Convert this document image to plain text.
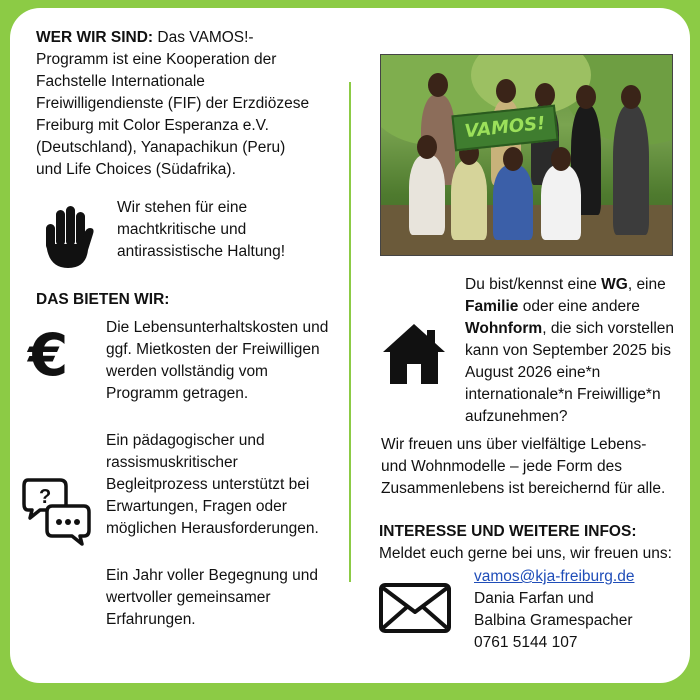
WER WIR SIND: Das VAMOS!-
Programm ist eine Kooperation der
Fachstelle Internationale
Freiwilligendienste (FIF) der Erzdiözese
Freiburg mit Color Esperanza e.V.
(Deutschland), Yanapachikun (Peru)
und Life Choices (Südafrika).
Wir stehen für eine
machtkritische und
antirassistische Haltung!
DAS BIETEN WIR:
€	Die Lebensunterhaltskosten und
ggf. Mietkosten der Freiwilligen
werden vollständig vom
Programm getragen.
?
Ein pädagogischer und
rassismuskritischer
Begleitprozess unterstützt bei
Erwartungen, Fragen oder
möglichen Herausforderungen.
Ein Jahr voller Begegnung und
wertvoller gemeinsamer
Erfahrungen.
VAMOS!
Du bist/kennst eine WG, eine
Familie oder eine andere
Wohnform, die sich vorstellen
kann von September 2025 bis
August 2026 eine*n
internationale*n Freiwillige*n
aufzunehmen?
Wir freuen uns über vielfältige Lebens-
und Wohnmodelle – jede Form des
Zusammenlebens ist bereichernd für alle.
INTERESSE UND WEITERE INFOS:
Meldet euch gerne bei uns, wir freuen uns:
vamos@kja-freiburg.de
Dania Farfan und
Balbina Gramespacher
0761 5144 107
